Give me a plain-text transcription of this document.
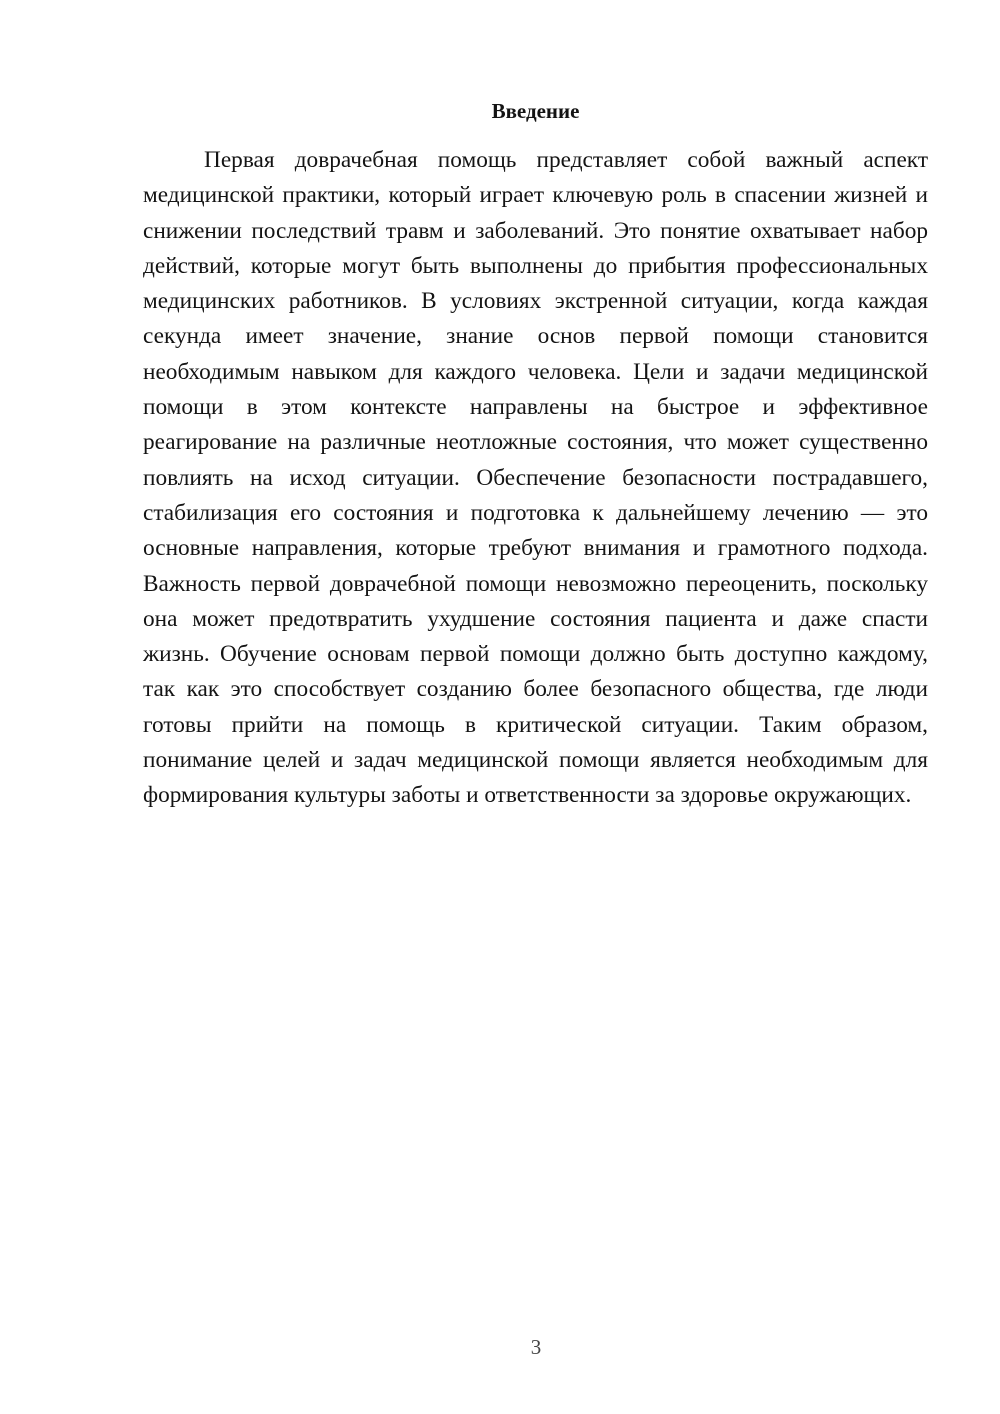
Введение

Первая доврачебная помощь представляет собой важный аспект медицинской практики, который играет ключевую роль в спасении жизней и снижении последствий травм и заболеваний. Это понятие охватывает набор действий, которые могут быть выполнены до прибытия профессиональных медицинских работников. В условиях экстренной ситуации, когда каждая секунда имеет значение, знание основ первой помощи становится необходимым навыком для каждого человека. Цели и задачи медицинской помощи в этом контексте направлены на быстрое и эффективное реагирование на различные неотложные состояния, что может существенно повлиять на исход ситуации. Обеспечение безопасности пострадавшего, стабилизация его состояния и подготовка к дальнейшему лечению — это основные направления, которые требуют внимания и грамотного подхода. Важность первой доврачебной помощи невозможно переоценить, поскольку она может предотвратить ухудшение состояния пациента и даже спасти жизнь. Обучение основам первой помощи должно быть доступно каждому, так как это способствует созданию более безопасного общества, где люди готовы прийти на помощь в критической ситуации. Таким образом, понимание целей и задач медицинской помощи является необходимым для формирования культуры заботы и ответственности за здоровье окружающих.

3
